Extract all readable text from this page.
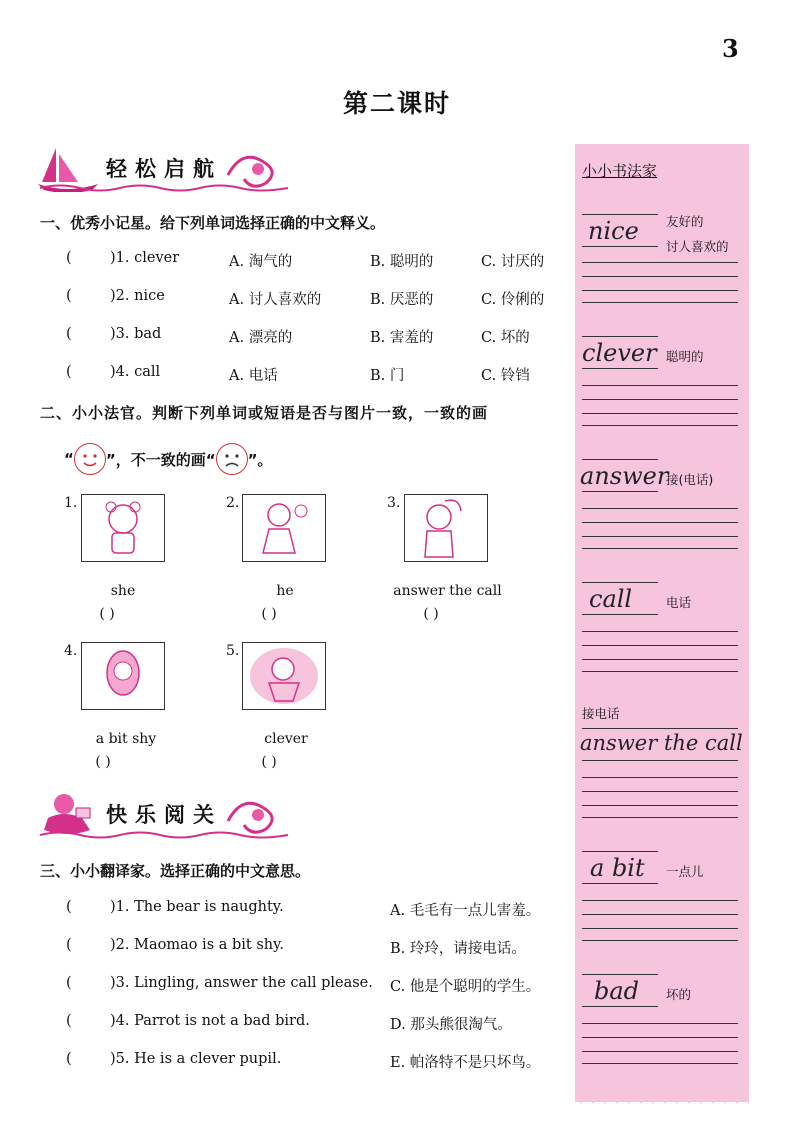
3
第二课时
轻松启航
一、优秀小记星。给下列单词选择正确的中文释义。
(	)1. clever	A. 淘气的	B. 聪明的	C. 讨厌的
(	)2. nice	A. 讨人喜欢的	B. 厌恶的	C. 伶俐的
(	)3. bad	A. 漂亮的	B. 害羞的	C. 坏的
(	)4. call	A. 电话	B. 门	C. 铃铛
二、小小法官。判断下列单词或短语是否与图片一致，一致的画
“ ”，不一致的画“ ”。
1.
she
( )
2.
he
( )
3.
answer the call
( )
4.
a bit shy
( )
5.
clever
( )
快乐阅关
三、小小翻译家。选择正确的中文意思。
(	)1. The bear is naughty.	A. 毛毛有一点儿害羞。
(	)2. Maomao is a bit shy.	B. 玲玲，请接电话。
(	)3. Lingling, answer the call please. C. 他是个聪明的学生。
(	)4. Parrot is not a bad bird.	D. 那头熊很淘气。
(	)5. He is a clever pupil.	E. 帕洛特不是只坏鸟。
小小书法家
nice 友好的
讨人喜欢的
clever 聪明的
answer
接(电话)
call	电话
接电话
answer the call
a bit 一点儿
bad 坏的
